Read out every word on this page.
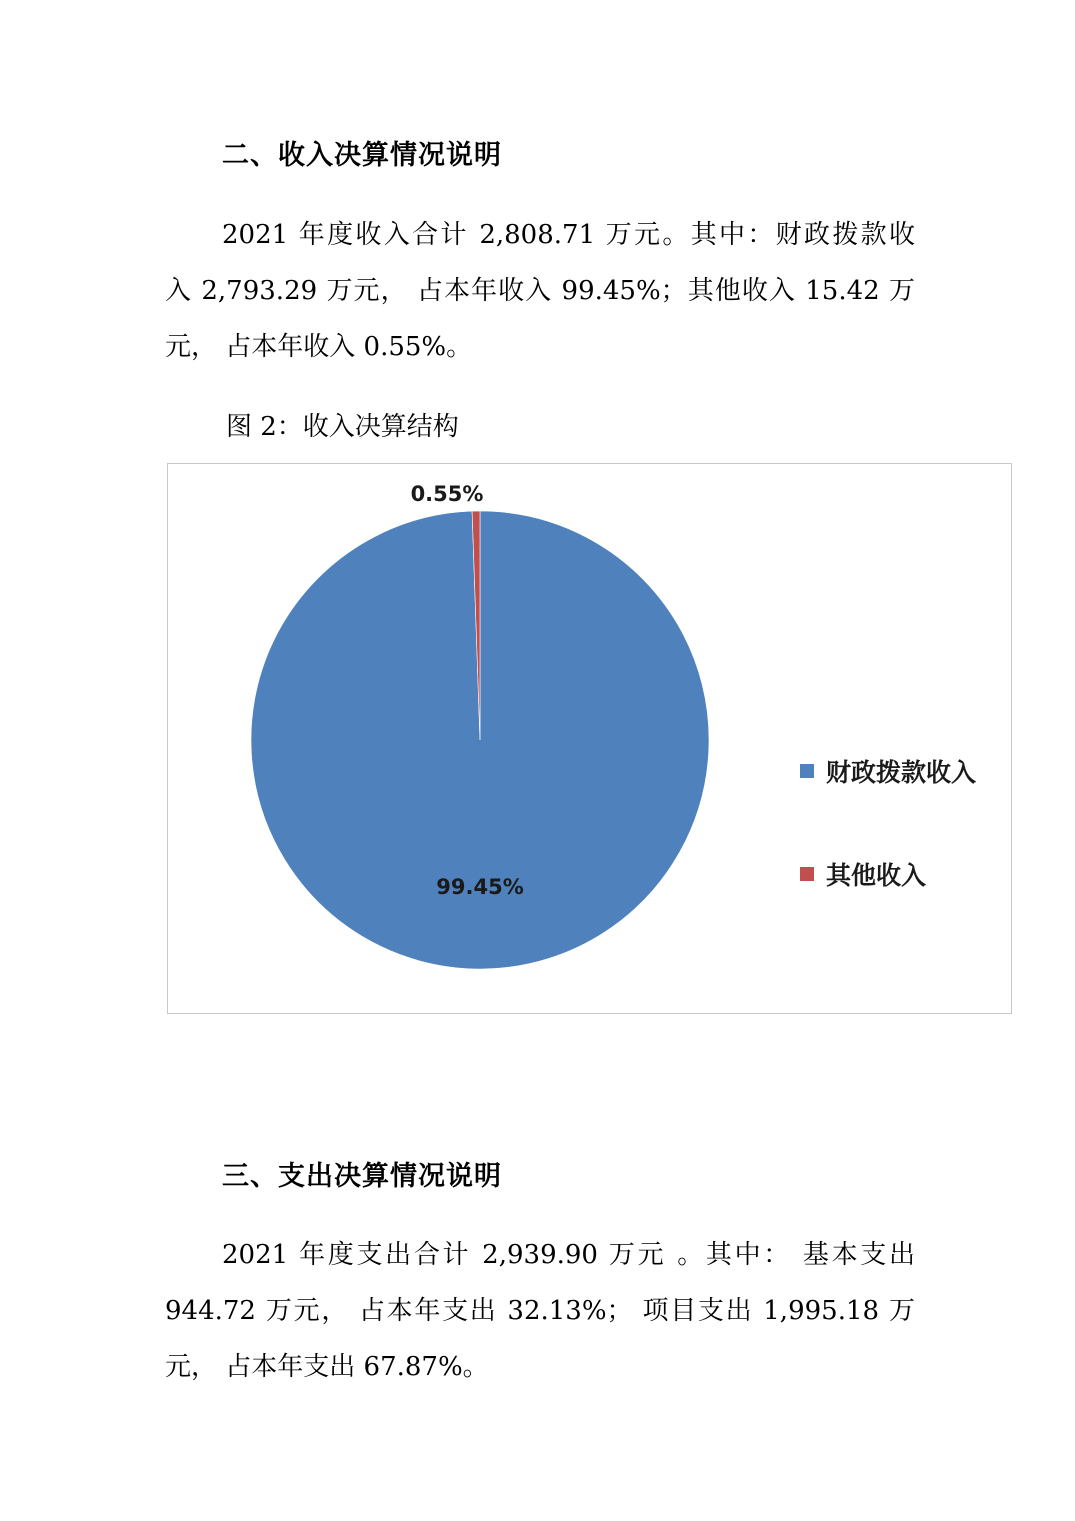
二、收入决算情况说明
2021 年度收入合计 2,808.71 万元。其中：财政拨款收
入 2,793.29 万元， 占本年收入 99.45%；其他收入 15.42 万
元， 占本年收入 0.55%。
图 2：收入决算结构
99.45%
0.55%
财政拨款收入
其他收入
三、支出决算情况说明
2021 年度支出合计 2,939.90 万元 。其中： 基本支出
944.72 万元， 占本年支出 32.13%； 项目支出 1,995.18 万
元， 占本年支出 67.87%。
